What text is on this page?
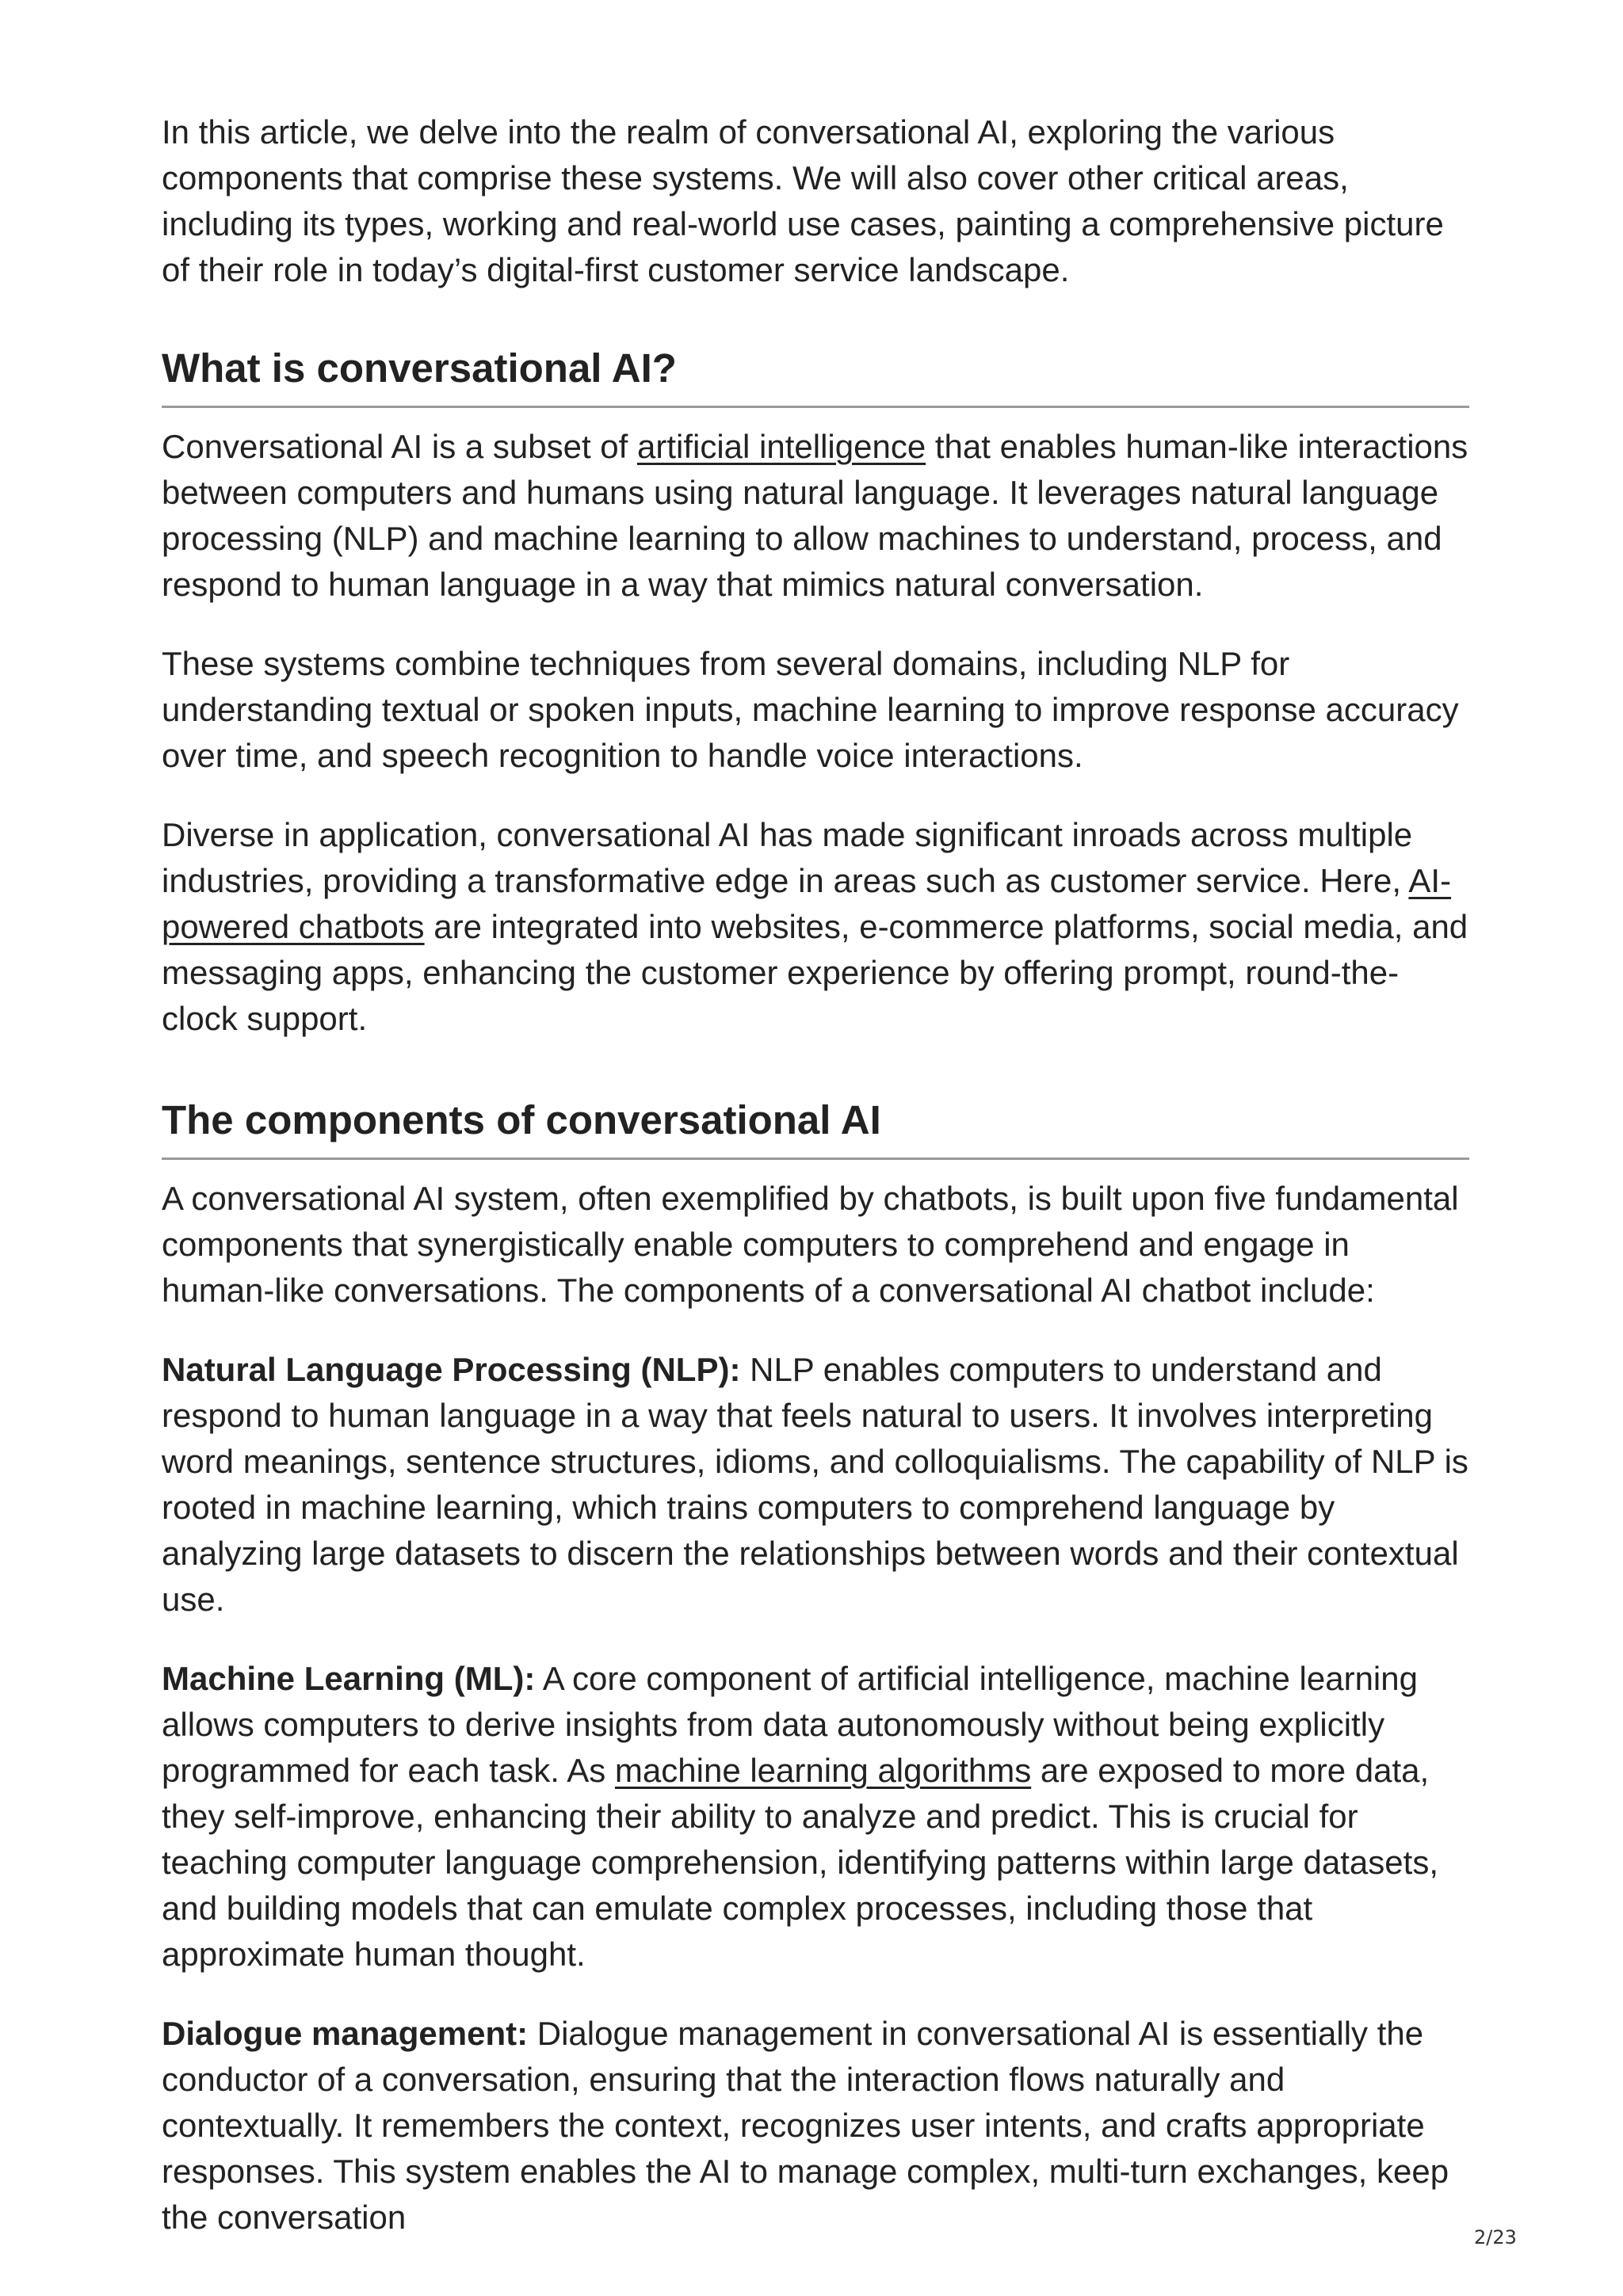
In this article, we delve into the realm of conversational AI, exploring the various components that comprise these systems. We will also cover other critical areas, including its types, working and real-world use cases, painting a comprehensive picture of their role in today’s digital-first customer service landscape.

What is conversational AI?

Conversational AI is a subset of artificial intelligence that enables human-like interactions between computers and humans using natural language. It leverages natural language processing (NLP) and machine learning to allow machines to understand, process, and respond to human language in a way that mimics natural conversation.

These systems combine techniques from several domains, including NLP for understanding textual or spoken inputs, machine learning to improve response accuracy over time, and speech recognition to handle voice interactions.

Diverse in application, conversational AI has made significant inroads across multiple industries, providing a transformative edge in areas such as customer service. Here, AI-powered chatbots are integrated into websites, e-commerce platforms, social media, and messaging apps, enhancing the customer experience by offering prompt, round-the-clock support.

The components of conversational AI

A conversational AI system, often exemplified by chatbots, is built upon five fundamental components that synergistically enable computers to comprehend and engage in human-like conversations. The components of a conversational AI chatbot include:

Natural Language Processing (NLP): NLP enables computers to understand and respond to human language in a way that feels natural to users. It involves interpreting word meanings, sentence structures, idioms, and colloquialisms. The capability of NLP is rooted in machine learning, which trains computers to comprehend language by analyzing large datasets to discern the relationships between words and their contextual use.

Machine Learning (ML): A core component of artificial intelligence, machine learning allows computers to derive insights from data autonomously without being explicitly programmed for each task. As machine learning algorithms are exposed to more data, they self-improve, enhancing their ability to analyze and predict. This is crucial for teaching computer language comprehension, identifying patterns within large datasets, and building models that can emulate complex processes, including those that approximate human thought.

Dialogue management: Dialogue management in conversational AI is essentially the conductor of a conversation, ensuring that the interaction flows naturally and contextually. It remembers the context, recognizes user intents, and crafts appropriate responses. This system enables the AI to manage complex, multi-turn exchanges, keep the conversation

2/23
